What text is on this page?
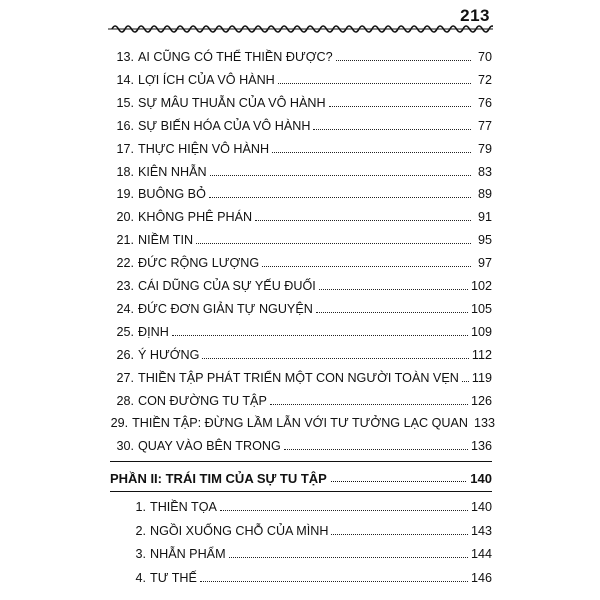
213
13. AI CŨNG CÓ THỂ THIỀN ĐƯỢC?	70
14. LỢI ÍCH CỦA VÔ HÀNH	72
15. SỰ MÂU THUẪN CỦA VÔ HÀNH	76
16. SỰ BIẾN HÓA CỦA VÔ HÀNH	77
17. THỰC HIỆN VÔ HÀNH	79
18. KIÊN NHẪN	83
19. BUÔNG BỎ	89
20. KHÔNG PHÊ PHÁN	91
21. NIỀM TIN	95
22. ĐỨC RỘNG LƯỢNG	97
23. CÁI DŨNG CỦA SỰ YẾU ĐUỐI	102
24. ĐỨC ĐƠN GIẢN TỰ NGUYỆN	105
25. ĐỊNH	109
26. Ý HƯỚNG	112
27. THIỀN TẬP PHÁT TRIỂN MỘT CON NGƯỜI TOÀN VẸN 119
28. CON ĐƯỜNG TU TẬP	126
29. THIỀN TẬP: ĐỪNG LẦM LẪN VỚI TƯ TƯỞNG LẠC QUAN 133
30. QUAY VÀO BÊN TRONG	136
PHẦN II: TRÁI TIM CỦA SỰ TU TẬP	140
1. THIỀN TỌA	140
2. NGỒI XUỐNG CHỖ CỦA MÌNH	143
3. NHẪN PHẨM	144
4. TƯ THẾ	146
